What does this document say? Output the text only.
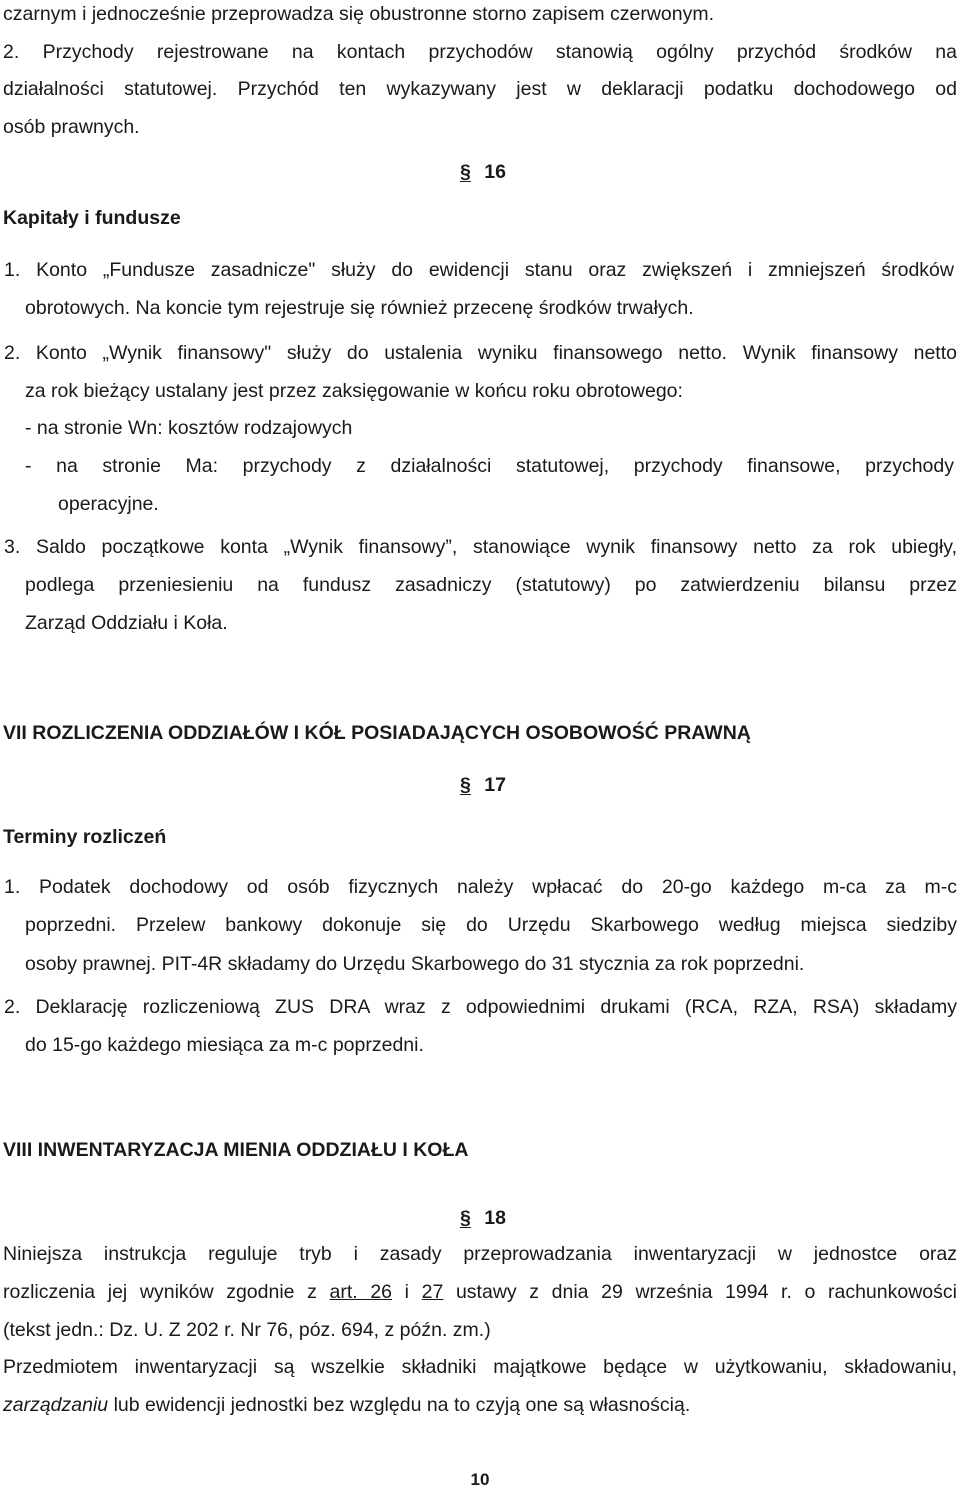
czarnym i jednocześnie przeprowadza się obustronne storno zapisem czerwonym.
2. Przychody rejestrowane na kontach przychodów stanowią ogólny przychód środków na
działalności statutowej. Przychód ten wykazywany jest w deklaracji podatku dochodowego od
osób prawnych.
§ 16
Kapitały i fundusze
1. Konto „Fundusze zasadnicze" służy do ewidencji stanu oraz zwiększeń i zmniejszeń środków
obrotowych. Na koncie tym rejestruje się również przecenę środków trwałych.
2. Konto „Wynik finansowy" służy do ustalenia wyniku finansowego netto. Wynik finansowy netto
za rok bieżący ustalany jest przez zaksięgowanie w końcu roku obrotowego:
- na stronie Wn: kosztów rodzajowych
- na stronie Ma: przychody z działalności statutowej, przychody finansowe, przychody
operacyjne.
3. Saldo początkowe konta „Wynik finansowy”, stanowiące wynik finansowy netto za rok ubiegły,
podlega przeniesieniu na fundusz zasadniczy (statutowy) po zatwierdzeniu bilansu przez
Zarząd Oddziału i Koła.
VII ROZLICZENIA ODDZIAŁÓW I KÓŁ POSIADAJĄCYCH OSOBOWOŚĆ PRAWNĄ
§ 17
Terminy rozliczeń
1. Podatek dochodowy od osób fizycznych należy wpłacać do 20-go każdego m-ca za m-c
poprzedni. Przelew bankowy dokonuje się do Urzędu Skarbowego według miejsca siedziby
osoby prawnej. PIT-4R składamy do Urzędu Skarbowego do 31 stycznia za rok poprzedni.
2. Deklarację rozliczeniową ZUS DRA wraz z odpowiednimi drukami (RCA, RZA, RSA) składamy
do 15-go każdego miesiąca za m-c poprzedni.
VIII INWENTARYZACJA MIENIA ODDZIAŁU I KOŁA
§ 18
Niniejsza instrukcja reguluje tryb i zasady przeprowadzania inwentaryzacji w jednostce oraz
rozliczenia jej wyników zgodnie z art. 26 i 27 ustawy z dnia 29 września 1994 r. o rachunkowości
(tekst jedn.: Dz. U. Z 202 r. Nr 76, póz. 694, z późn. zm.)
Przedmiotem inwentaryzacji są wszelkie składniki majątkowe będące w użytkowaniu, składowaniu,
zarządzaniu lub ewidencji jednostki bez względu na to czyją one są własnością.
10
